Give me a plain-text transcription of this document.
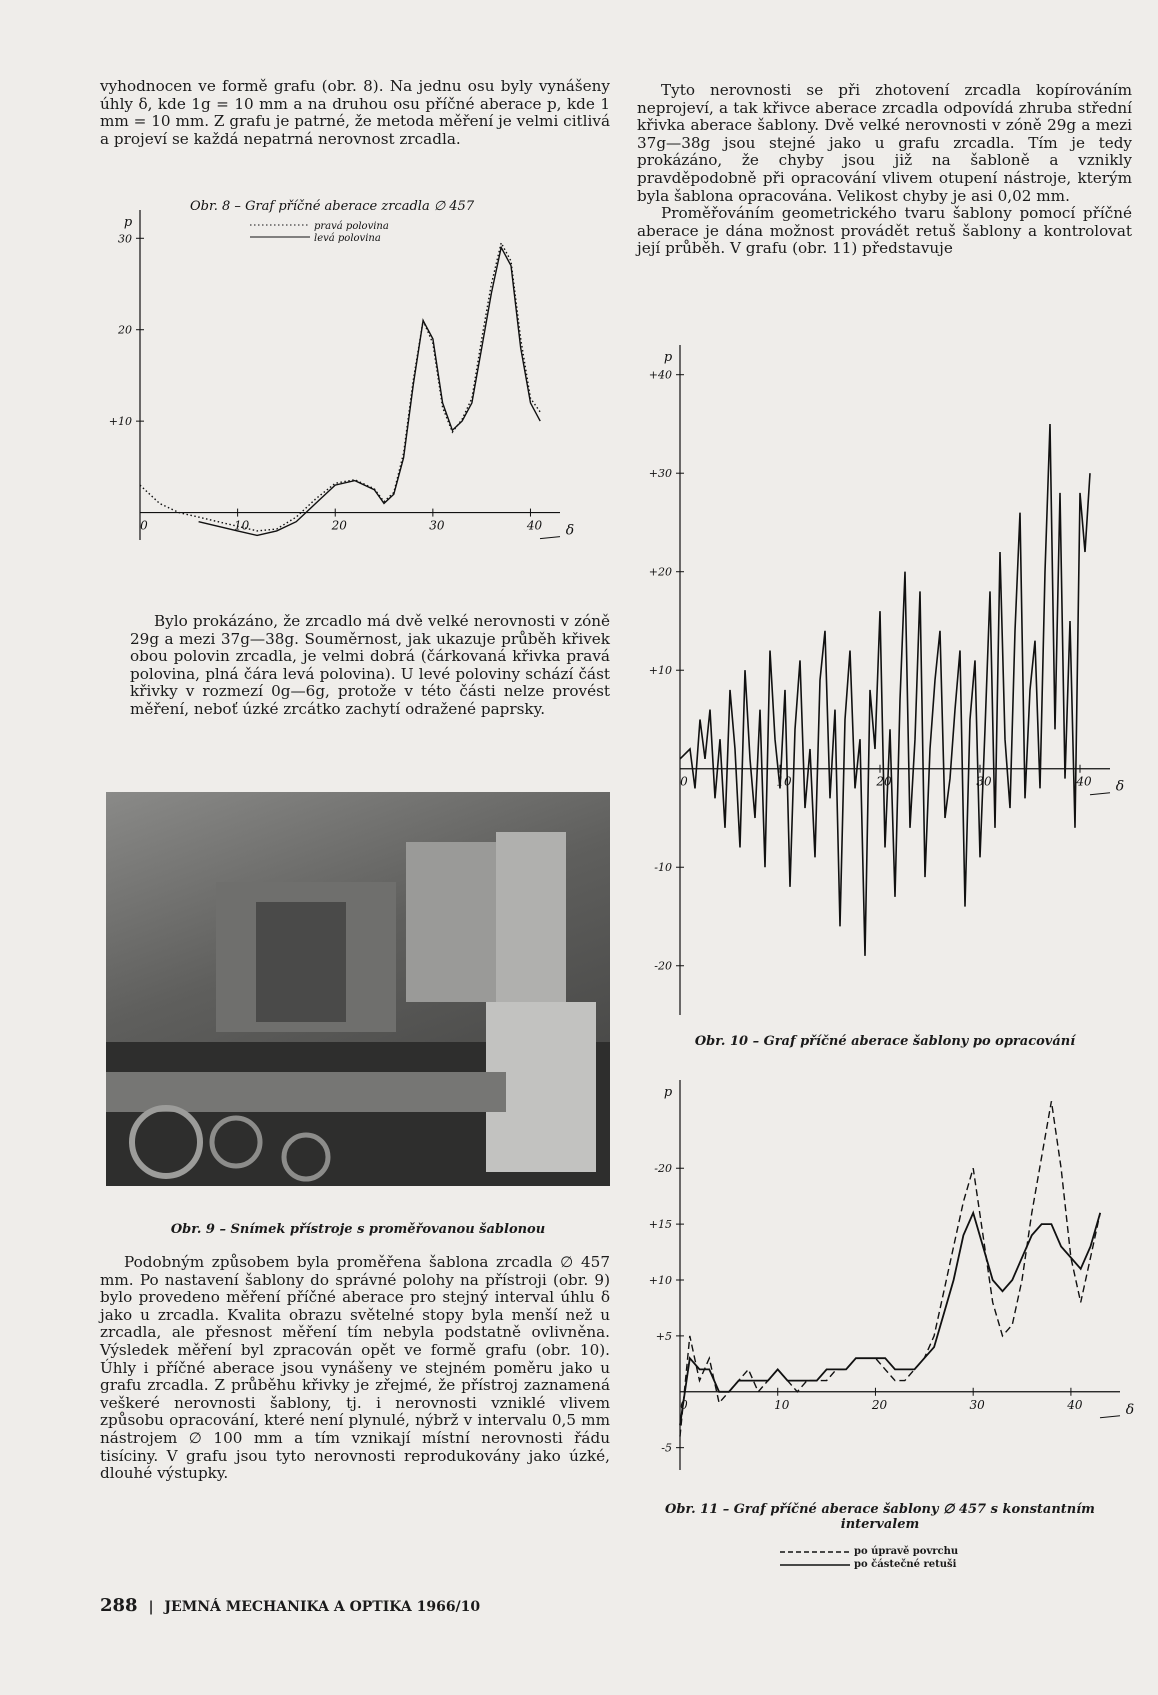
vyhodnocen ve formě grafu (obr. 8). Na jednu osu byly vynášeny úhly δ, kde 1g = 10 mm a na druhou osu příčné aberace p, kde 1 mm = 10 mm. Z grafu je patrné, že metoda měření je velmi citlivá a projeví se každá nepatrná nerovnost zrcadla.

0	10	20	30	40
30
20
+10
p
δ
Obr. 8 – Graf příčné aberace zrcadla ∅ 457
pravá polovina
levá polovina

Bylo prokázáno, že zrcadlo má dvě velké nerovnosti v zóně 29g a mezi 37g—38g. Souměrnost, jak ukazuje průběh křivek obou polovin zrcadla, je velmi dobrá (čárkovaná křivka pravá polovina, plná čára levá polovina). U levé poloviny schází část křivky v rozmezí 0g—6g, protože v této části nelze provést měření, neboť úzké zrcátko zachytí odražené paprsky.

Obr. 9 – Snímek přístroje s proměřovanou šablonou

Podobným způsobem byla proměřena šablona zrcadla ∅ 457 mm. Po nastavení šablony do správné polohy na přístroji (obr. 9) bylo provedeno měření příčné aberace pro stejný interval úhlu δ jako u zrcadla. Kvalita obrazu světelné stopy byla menší než u zrcadla, ale přesnost měření tím nebyla podstatně ovlivněna. Výsledek měření byl zpracován opět ve formě grafu (obr. 10). Úhly i příčné aberace jsou vynášeny ve stejném poměru jako u grafu zrcadla. Z průběhu křivky je zřejmé, že přístroj zaznamená veškeré nerovnosti šablony, tj. i nerovnosti vzniklé vlivem způsobu opracování, které není plynulé, nýbrž v intervalu 0,5 mm nástrojem ∅ 100 mm a tím vznikají místní nerovnosti řádu tisíciny. V grafu jsou tyto nerovnosti reprodukovány jako úzké, dlouhé výstupky.

Tyto nerovnosti se při zhotovení zrcadla kopírováním neprojeví, a tak křivce aberace zrcadla odpovídá zhruba střední křivka aberace šablony. Dvě velké nerovnosti v zóně 29g a mezi 37g—38g jsou stejné jako u grafu zrcadla. Tím je tedy prokázáno, že chyby jsou již na šabloně a vznikly pravděpodobně při opracování vlivem otupení nástroje, kterým byla šablona opracována. Velikost chyby je asi 0,02 mm.

Proměřováním geometrického tvaru šablony pomocí příčné aberace je dána možnost provádět retuš šablony a kontrolovat její průběh. V grafu (obr. 11) představuje

0	10	20	30	40
+40
+30
+20
+10
-10
-20
p
δ
Obr. 10 – Graf příčné aberace šablony po opracování
0	10	20	30	40
-20
+15
+10
+5
-5
p
δ
Obr. 11 – Graf příčné aberace šablony ∅ 457 s konstantním
intervalem
po úpravě povrchu
po částečné retuši
288 | JEMNÁ MECHANIKA A OPTIKA 1966/10
